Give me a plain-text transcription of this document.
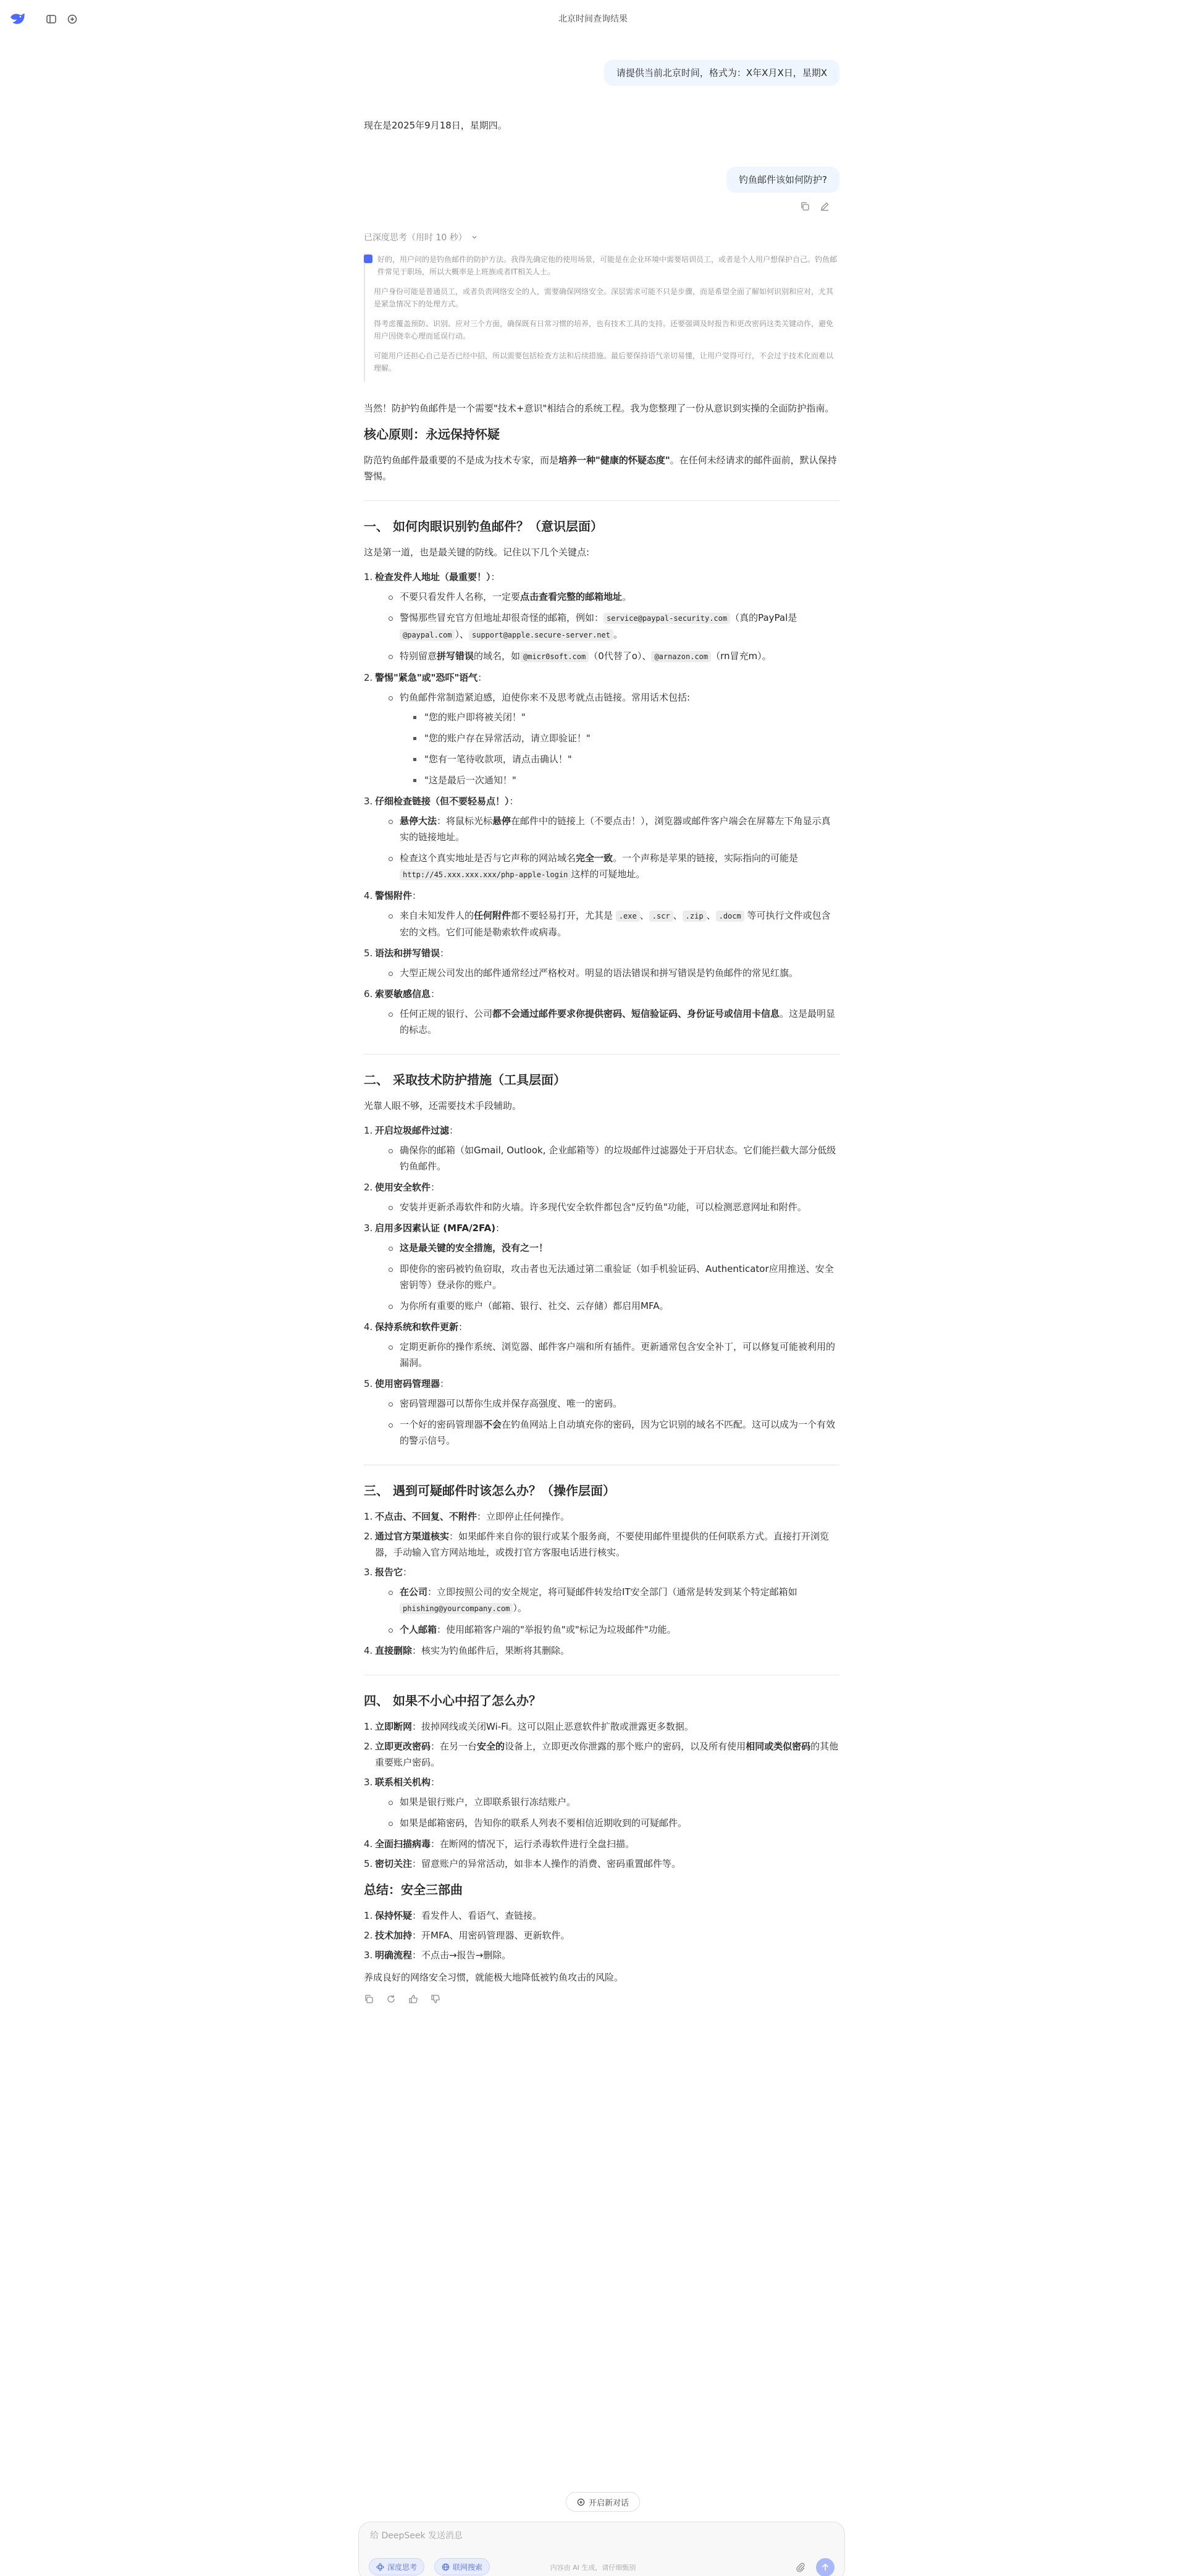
北京时间查询结果
请提供当前北京时间，格式为：X年X月X日，星期X

现在是2025年9月18日，星期四。

钓鱼邮件该如何防护?
已深度思考（用时 10 秒）

好的，用户问的是钓鱼邮件的防护方法。我得先确定他的使用场景，可能是在企业环境中需要培训员工，或者是个人用户想保护自己。钓鱼邮件常见于职场，所以大概率是上班族或者IT相关人士。

用户身份可能是普通员工，或者负责网络安全的人，需要确保网络安全。深层需求可能不只是步骤，而是希望全面了解如何识别和应对，尤其是紧急情况下的处理方式。

得考虑覆盖预防、识别、应对三个方面，确保既有日常习惯的培养，也有技术工具的支持。还要强调及时报告和更改密码这类关键动作，避免用户因侥幸心理而延误行动。

可能用户还担心自己是否已经中招，所以需要包括检查方法和后续措施。最后要保持语气亲切易懂，让用户觉得可行，不会过于技术化而难以理解。

当然！防护钓鱼邮件是一个需要"技术+意识"相结合的系统工程。我为您整理了一份从意识到实操的全面防护指南。

核心原则：永远保持怀疑

防范钓鱼邮件最重要的不是成为技术专家，而是培养一种"健康的怀疑态度"。在任何未经请求的邮件面前，默认保持警惕。

一、 如何肉眼识别钓鱼邮件？（意识层面）

这是第一道，也是最关键的防线。记住以下几个关键点:

1. 检查发件人地址（最重要！）：
不要只看发件人名称，一定要点击查看完整的邮箱地址。
警惕那些冒充官方但地址却很奇怪的邮箱，例如： service@paypal-security.com （真的PayPal是@paypal.com ）、 support@apple.secure-server.net 。
特别留意拼写错误的域名，如 @micr0soft.com （0代替了o）、 @arnazon.com （rn冒充m）。
2. 警惕"紧急"或"恐吓"语气：
钓鱼邮件常制造紧迫感，迫使你来不及思考就点击链接。常用话术包括:
"您的账户即将被关闭！"
"您的账户存在异常活动，请立即验证！"
"您有一笔待收款项，请点击确认！"
"这是最后一次通知！"
3. 仔细检查链接（但不要轻易点！）：
悬停大法：将鼠标光标悬停在邮件中的链接上（不要点击！），浏览器或邮件客户端会在屏幕左下角显示真实的链接地址。
检查这个真实地址是否与它声称的网站域名完全一致。一个声称是苹果的链接，实际指向的可能是http://45.xxx.xxx.xxx/php-apple-login 这样的可疑地址。
4. 警惕附件：
来自未知发件人的任何附件都不要轻易打开，尤其是 .exe 、 .scr 、 .zip 、 .docm 等可执行文件或包含宏的文档。它们可能是勒索软件或病毒。
5. 语法和拼写错误：
大型正规公司发出的邮件通常经过严格校对。明显的语法错误和拼写错误是钓鱼邮件的常见红旗。
6. 索要敏感信息：
任何正规的银行、公司都不会通过邮件要求你提供密码、短信验证码、身份证号或信用卡信息。这是最明显的标志。
二、 采取技术防护措施（工具层面）

光靠人眼不够，还需要技术手段辅助。

1. 开启垃圾邮件过滤：
确保你的邮箱（如Gmail, Outlook, 企业邮箱等）的垃圾邮件过滤器处于开启状态。它们能拦截大部分低级钓鱼邮件。
2. 使用安全软件：
安装并更新杀毒软件和防火墙。许多现代安全软件都包含"反钓鱼"功能，可以检测恶意网址和附件。
3. 启用多因素认证 (MFA/2FA)：
这是最关键的安全措施，没有之一！
即使你的密码被钓鱼窃取，攻击者也无法通过第二重验证（如手机验证码、Authenticator应用推送、安全密钥等）登录你的账户。
为你所有重要的账户（邮箱、银行、社交、云存储）都启用MFA。
4. 保持系统和软件更新：
定期更新你的操作系统、浏览器、邮件客户端和所有插件。更新通常包含安全补丁，可以修复可能被利用的漏洞。
5. 使用密码管理器：
密码管理器可以帮你生成并保存高强度、唯一的密码。
一个好的密码管理器不会在钓鱼网站上自动填充你的密码，因为它识别的域名不匹配。这可以成为一个有效的警示信号。
三、 遇到可疑邮件时该怎么办？（操作层面）
1. 不点击、不回复、不附件：立即停止任何操作。
2. 通过官方渠道核实：如果邮件来自你的银行或某个服务商，不要使用邮件里提供的任何联系方式。直接打开浏览器，手动输入官方网站地址，或拨打官方客服电话进行核实。
3. 报告它：
在公司：立即按照公司的安全规定，将可疑邮件转发给IT安全部门（通常是转发到某个特定邮箱如 phishing@yourcompany.com ）。
个人邮箱：使用邮箱客户端的"举报钓鱼"或"标记为垃圾邮件"功能。
4. 直接删除：核实为钓鱼邮件后，果断将其删除。
四、 如果不小心中招了怎么办？
1. 立即断网：拔掉网线或关闭Wi-Fi。这可以阻止恶意软件扩散或泄露更多数据。
2. 立即更改密码：在另一台安全的设备上，立即更改你泄露的那个账户的密码，以及所有使用相同或类似密码的其他重要账户密码。
3. 联系相关机构：
如果是银行账户，立即联系银行冻结账户。
如果是邮箱密码，告知你的联系人列表不要相信近期收到的可疑邮件。
4. 全面扫描病毒：在断网的情况下，运行杀毒软件进行全盘扫描。
5. 密切关注：留意账户的异常活动，如非本人操作的消费、密码重置邮件等。
总结：安全三部曲
1. 保持怀疑：看发件人、看语气、查链接。
2. 技术加持：开MFA、用密码管理器、更新软件。
3. 明确流程：不点击→报告→删除。

养成良好的网络安全习惯，就能极大地降低被钓鱼攻击的风险。

开启新对话
给 DeepSeek 发送消息
深度思考	联网搜索	内容由 AI 生成，请仔细甄别
